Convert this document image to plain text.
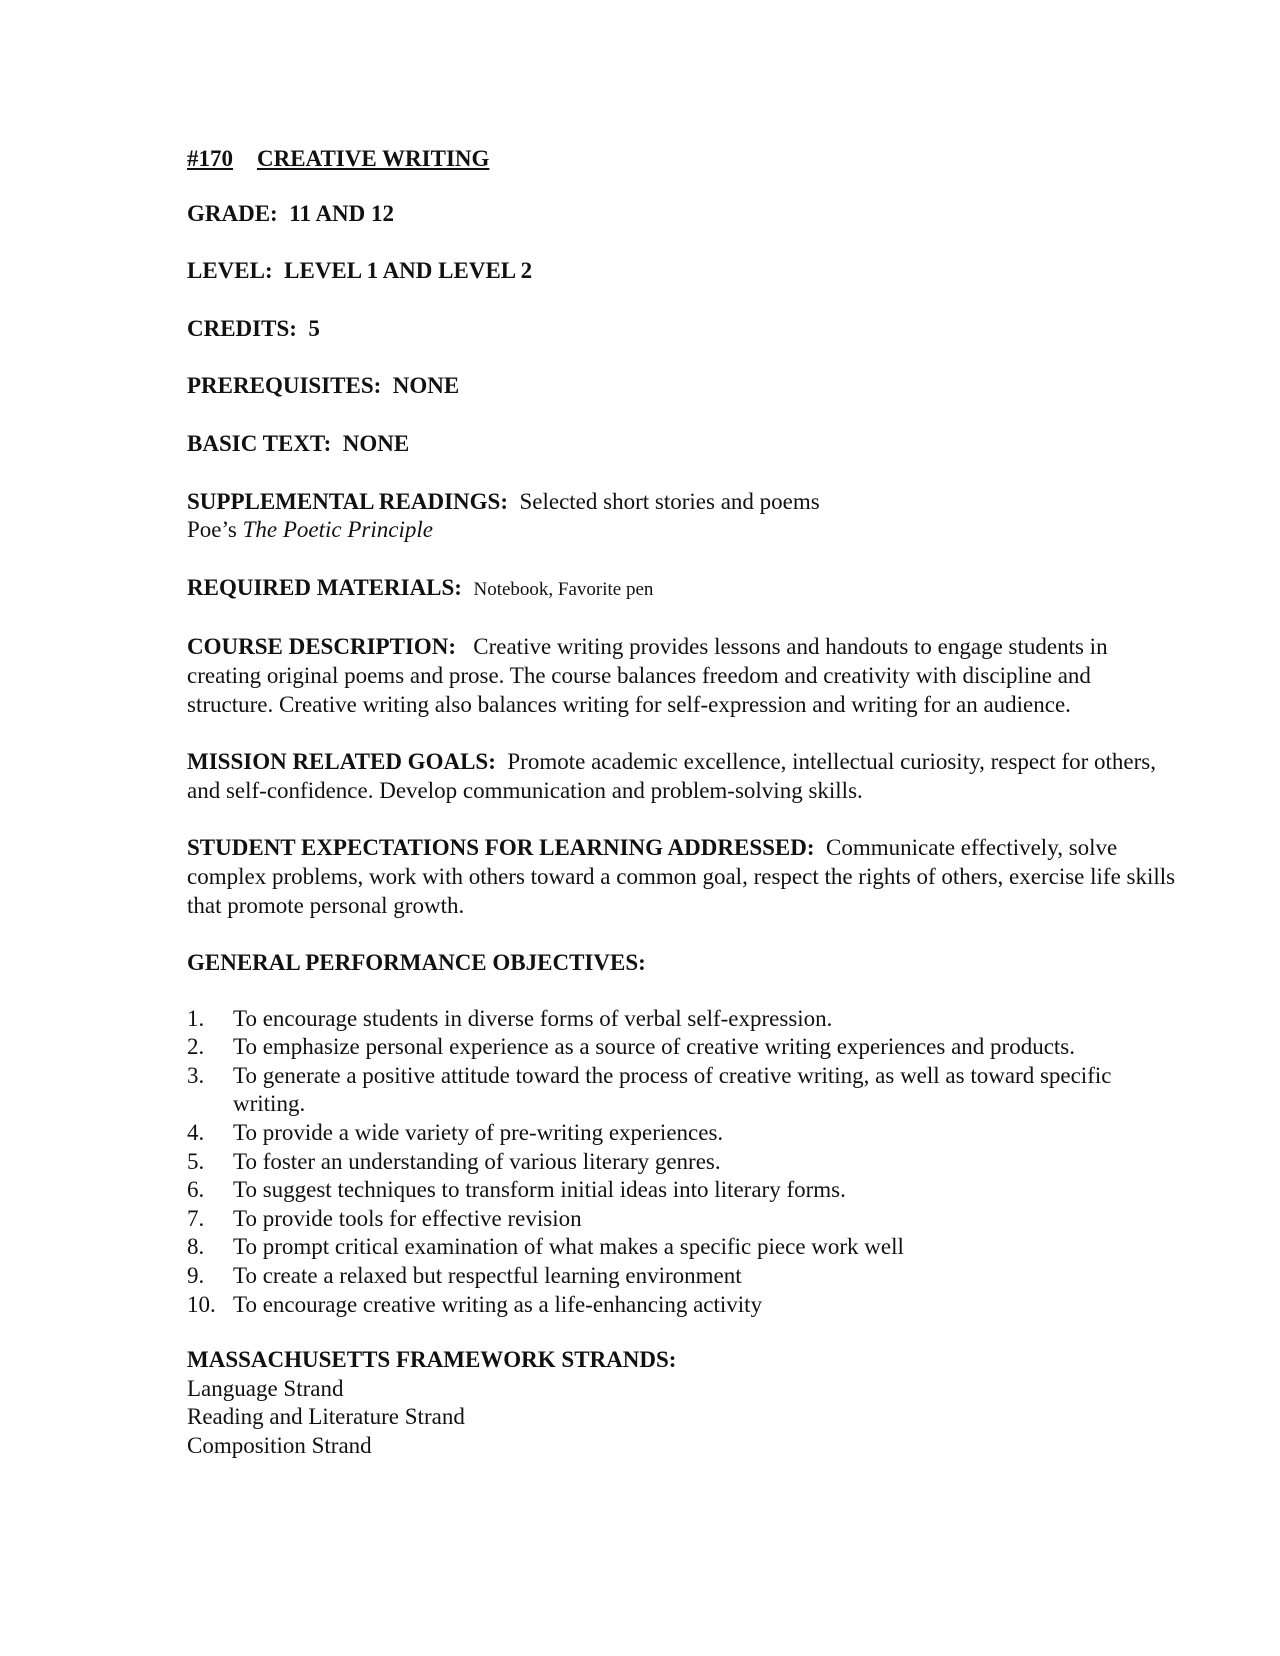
#170 CREATIVE WRITING
GRADE: 11 AND 12
LEVEL: LEVEL 1 AND LEVEL 2
CREDITS: 5
PREREQUISITES: NONE
BASIC TEXT: NONE
SUPPLEMENTAL READINGS: Selected short stories and poems
Poe’s The Poetic Principle
REQUIRED MATERIALS: Notebook, Favorite pen
COURSE DESCRIPTION: Creative writing provides lessons and handouts to engage students in creating original poems and prose. The course balances freedom and creativity with discipline and structure. Creative writing also balances writing for self-expression and writing for an audience.
MISSION RELATED GOALS: Promote academic excellence, intellectual curiosity, respect for others, and self-confidence. Develop communication and problem-solving skills.
STUDENT EXPECTATIONS FOR LEARNING ADDRESSED: Communicate effectively, solve complex problems, work with others toward a common goal, respect the rights of others, exercise life skills that promote personal growth.
GENERAL PERFORMANCE OBJECTIVES:
1. To encourage students in diverse forms of verbal self-expression.
2. To emphasize personal experience as a source of creative writing experiences and products.
3. To generate a positive attitude toward the process of creative writing, as well as toward specific writing.
4. To provide a wide variety of pre-writing experiences.
5. To foster an understanding of various literary genres.
6. To suggest techniques to transform initial ideas into literary forms.
7. To provide tools for effective revision
8. To prompt critical examination of what makes a specific piece work well
9. To create a relaxed but respectful learning environment
10. To encourage creative writing as a life-enhancing activity
MASSACHUSETTS FRAMEWORK STRANDS:
Language Strand
Reading and Literature Strand
Composition Strand
